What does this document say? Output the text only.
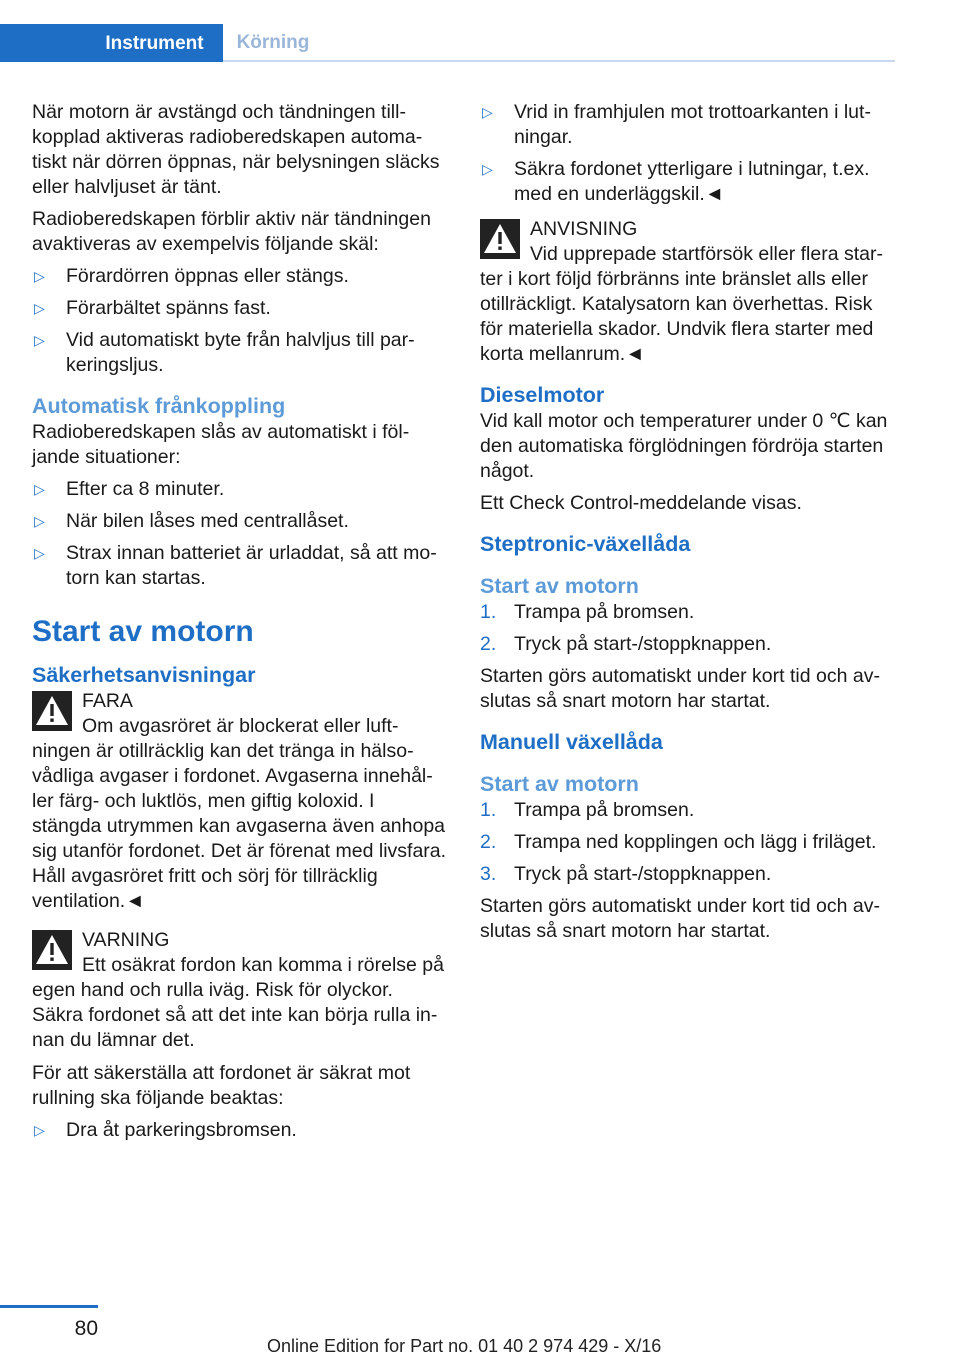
Instrument	Körning

När motorn är avstängd och tändningen tillkopplad aktiveras radioberedskapen automatiskt när dörren öppnas, när belysningen släcks eller halvljuset är tänt.

Radioberedskapen förblir aktiv när tändningen avaktiveras av exempelvis följande skäl:

▷ Förardörren öppnas eller stängs.
▷ Förarbältet spänns fast.
▷ Vid automatiskt byte från halvljus till parkeringsljus.
Automatisk frånkoppling

Radioberedskapen slås av automatiskt i följande situationer:

▷ Efter ca 8 minuter.
▷ När bilen låses med centrallåset.
▷ Strax innan batteriet är urladdat, så att motorn kan startas.
Start av motorn
Säkerhetsanvisningar
FARA
Om avgasröret är blockerat eller luftningen är otillräcklig kan det tränga in hälsovådliga avgaser i fordonet. Avgaserna innehåller färg- och luktlös, men giftig koloxid. I stängda utrymmen kan avgaserna även anhopa sig utanför fordonet. Det är förenat med livsfara. Håll avgasröret fritt och sörj för tillräcklig ventilation.◄
VARNING
Ett osäkrat fordon kan komma i rörelse på egen hand och rulla iväg. Risk för olyckor. Säkra fordonet så att det inte kan börja rulla innan du lämnar det.

För att säkerställa att fordonet är säkrat mot rullning ska följande beaktas:

▷ Dra åt parkeringsbromsen.
▷ Vrid in framhjulen mot trottoarkanten i lutningar.
▷ Säkra fordonet ytterligare i lutningar, t.ex. med en underläggskil.◄
ANVISNING
Vid upprepade startförsök eller flera starter i kort följd förbränns inte bränslet alls eller otillräckligt. Katalysatorn kan överhettas. Risk för materiella skador. Undvik flera starter med korta mellanrum.◄
Dieselmotor

Vid kall motor och temperaturer under 0 ℃ kan den automatiska förglödningen fördröja starten något.

Ett Check Control-meddelande visas.

Steptronic-växellåda
Start av motorn
1. Trampa på bromsen.
2. Tryck på start-/stoppknappen.

Starten görs automatiskt under kort tid och avslutas så snart motorn har startat.

Manuell växellåda
Start av motorn
1. Trampa på bromsen.
2. Trampa ned kopplingen och lägg i friläget.
3. Tryck på start-/stoppknappen.

Starten görs automatiskt under kort tid och avslutas så snart motorn har startat.

80
Online Edition for Part no. 01 40 2 974 429 - X/16
